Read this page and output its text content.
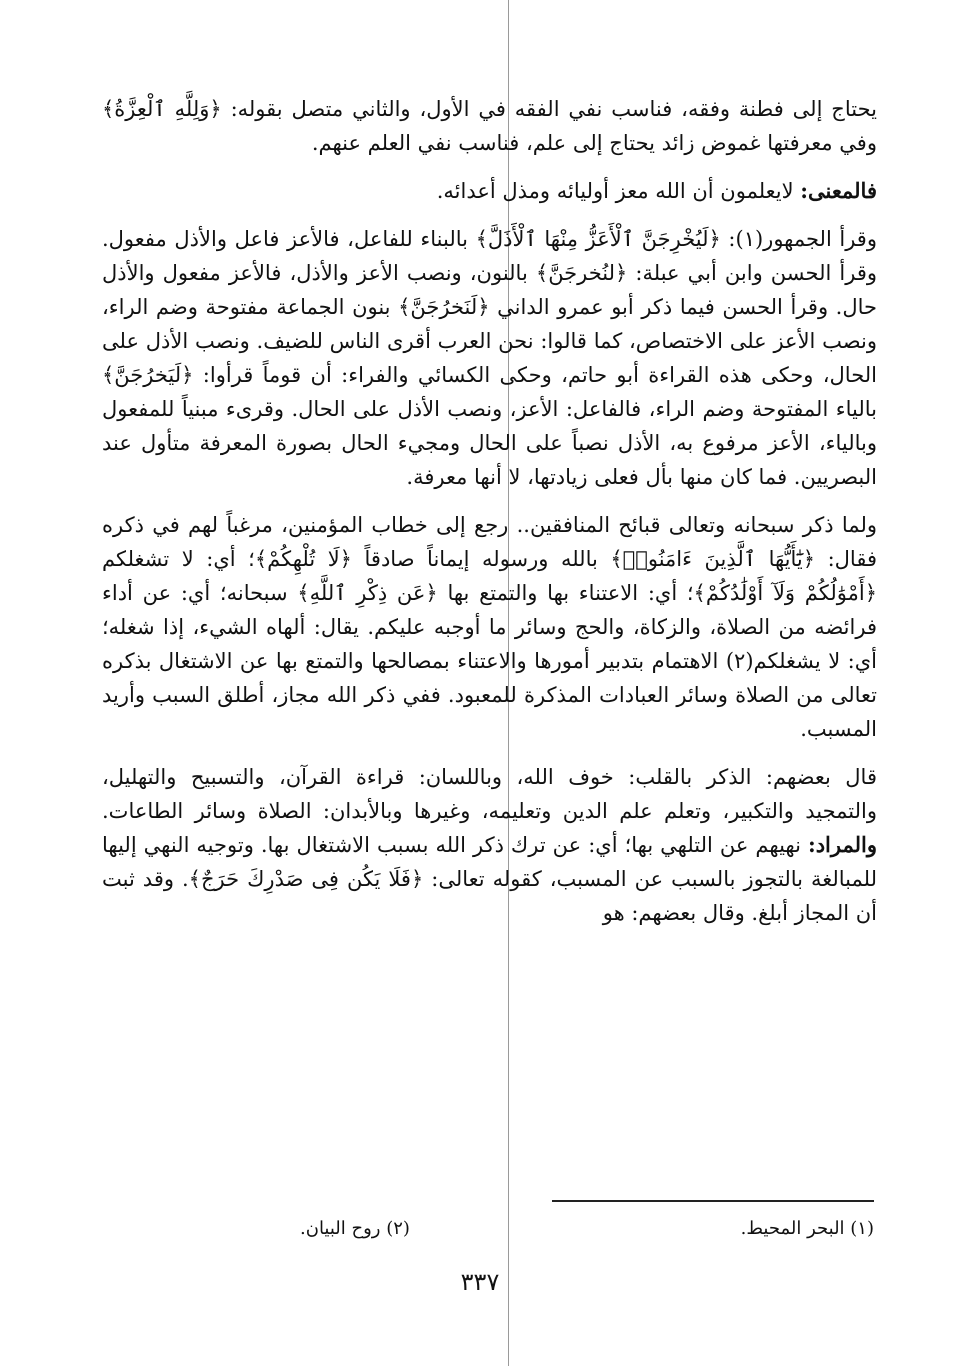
يحتاج إلى فطنة وفقه، فناسب نفي الفقه في الأول، والثاني متصل بقوله: ﴿وَلِلَّهِ ٱلْعِزَّةُ﴾ وفي معرفتها غموض زائد يحتاج إلى علم، فناسب نفي العلم عنهم.

فالمعنى: لايعلمون أن الله معز أوليائه ومذل أعدائه.

وقرأ الجمهور(١): ﴿لَيُخْرِجَنَّ ٱلْأَعَزُّ مِنْهَا ٱلْأَذَلَّ﴾ بالبناء للفاعل، فالأعز فاعل والأذل مفعول. وقرأ الحسن وابن أبي عبلة: ﴿لنُخرجَنَّ﴾ بالنون، ونصب الأعز والأذل، فالأعز مفعول والأذل حال. وقرأ الحسن فيما ذكر أبو عمرو الداني ﴿لَنَخرُجَنَّ﴾ بنون الجماعة مفتوحة وضم الراء، ونصب الأعز على الاختصاص، كما قالوا: نحن العرب أقرى الناس للضيف. ونصب الأذل على الحال، وحكى هذه القراءة أبو حاتم، وحكى الكسائي والفراء: أن قوماً قرأوا: ﴿لَيَخرُجَنَّ﴾ بالياء المفتوحة وضم الراء، فالفاعل: الأعز، ونصب الأذل على الحال. وقرىء مبنياً للمفعول وبالياء، الأعز مرفوع به، الأذل نصباً على الحال ومجيء الحال بصورة المعرفة متأول عند البصريين. فما كان منها بأل فعلى زيادتها، لا أنها معرفة.

ولما ذكر سبحانه وتعالى قبائح المنافقين.. رجع إلى خطاب المؤمنين، مرغباً لهم في ذكره فقال: ﴿يَٰٓأَيُّهَا ٱلَّذِينَ ءَامَنُوا۟﴾ بالله ورسوله إيماناً صادقاً ﴿لَا تُلْهِكُمْ﴾؛ أي: لا تشغلكم ﴿أَمْوَٰلُكُمْ وَلَآ أَوْلَٰدُكُمْ﴾؛ أي: الاعتناء بها والتمتع بها ﴿عَن ذِكْرِ ٱللَّهِ﴾ سبحانه؛ أي: عن أداء فرائضه من الصلاة، والزكاة، والحج وسائر ما أوجبه عليكم. يقال: ألهاه الشيء، إذا شغله؛ أي: لا يشغلكم(٢) الاهتمام بتدبير أمورها والاعتناء بمصالحها والتمتع بها عن الاشتغال بذكره تعالى من الصلاة وسائر العبادات المذكرة للمعبود. ففي ذكر الله مجاز، أطلق السبب وأريد المسبب.

قال بعضهم: الذكر بالقلب: خوف الله، وباللسان: قراءة القرآن، والتسبيح والتهليل، والتمجيد والتكبير، وتعلم علم الدين وتعليمه، وغيرها وبالأبدان: الصلاة وسائر الطاعات. والمراد: نهيهم عن التلهي بها؛ أي: عن ترك ذكر الله بسبب الاشتغال بها. وتوجيه النهي إليها للمبالغة بالتجوز بالسبب عن المسبب، كقوله تعالى: ﴿فَلَا يَكُن فِى صَدْرِكَ حَرَجٌ﴾. وقد ثبت أن المجاز أبلغ. وقال بعضهم: هو

(١) البحر المحيط.
(٢) روح البيان.
٣٣٧
